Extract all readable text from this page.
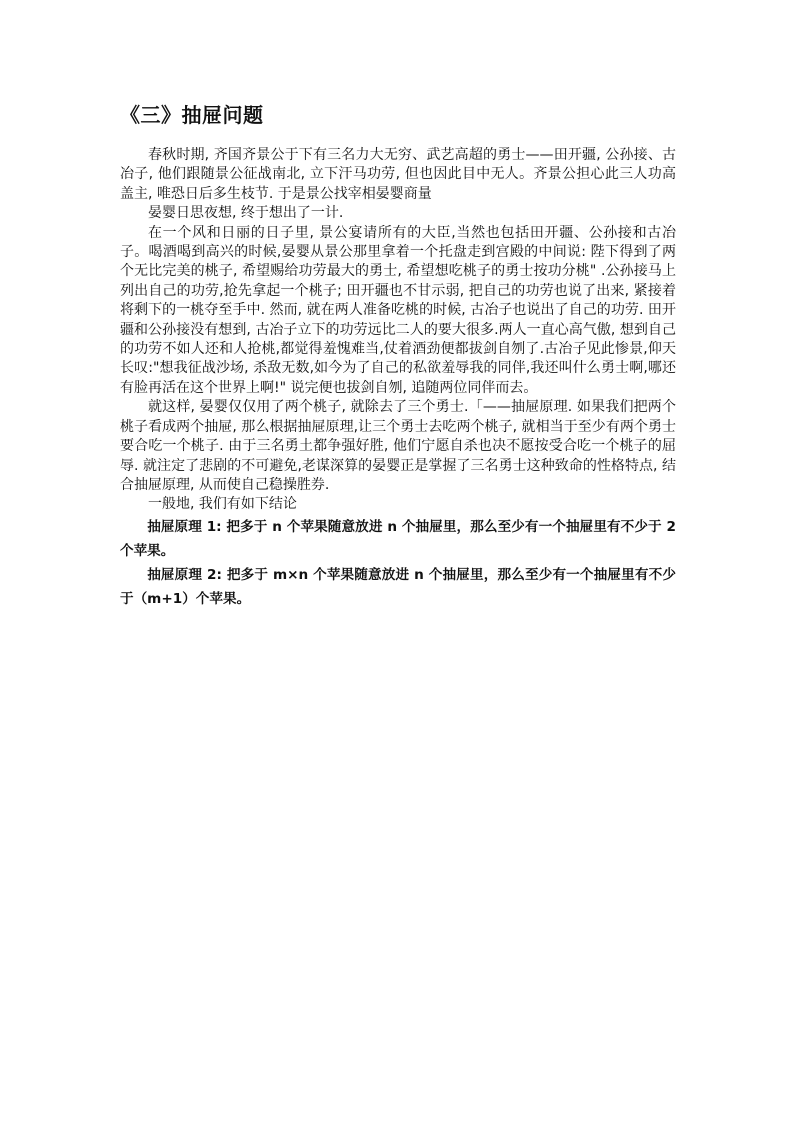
《三》抽屉问题

春秋时期, 齐国齐景公于下有三名力大无穷、武艺高超的勇士——田开疆, 公孙接、古冶子, 他们跟随景公征战南北, 立下汗马功劳, 但也因此目中无人。齐景公担心此三人功高盖主, 唯恐日后多生枝节. 于是景公找宰相晏婴商量

晏婴日思夜想, 终于想出了一计.

在一个风和日丽的日子里, 景公宴请所有的大臣,当然也包括田开疆、公孙接和古冶子。喝酒喝到高兴的时候,晏婴从景公那里拿着一个托盘走到宫殿的中间说: 陛下得到了两个无比完美的桃子, 希望赐给功劳最大的勇士, 希望想吃桃子的勇士按功分桃" .公孙接马上列出自己的功劳,抢先拿起一个桃子; 田开疆也不甘示弱, 把自己的功劳也说了出来, 紧接着将剩下的一桃夺至手中. 然而, 就在两人准备吃桃的时候, 古冶子也说出了自己的功劳. 田开疆和公孙接没有想到, 古冶子立下的功劳远比二人的要大很多.两人一直心高气傲, 想到自己的功劳不如人还和人抢桃,都觉得羞愧难当,仗着酒劲便都拔剑自刎了.古冶子见此惨景,仰天长叹:"想我征战沙场, 杀敌无数,如今为了自己的私欲羞辱我的同伴,我还叫什么勇士啊,哪还有脸再活在这个世界上啊!" 说完便也拔剑自刎, 追随两位同伴而去。

就这样, 晏婴仅仅用了两个桃子, 就除去了三个勇士.「——抽屉原理. 如果我们把两个桃子看成两个抽屉, 那么根据抽屉原理,让三个勇士去吃两个桃子, 就相当于至少有两个勇士要合吃一个桃子. 由于三名勇土都争强好胜, 他们宁愿自杀也决不愿按受合吃一个桃子的屈辱. 就注定了悲剧的不可避免,老谋深算的晏婴正是掌握了三名勇士这种致命的性格特点, 结合抽屉原理, 从而使自己稳操胜券.

一般地, 我们有如下结论

抽屉原理 1: 把多于 n 个苹果随意放进 n 个抽屉里，那么至少有一个抽屉里有不少于 2 个苹果。

抽屉原理 2: 把多于 m×n 个苹果随意放进 n 个抽屉里，那么至少有一个抽屉里有不少于（m+1）个苹果。
